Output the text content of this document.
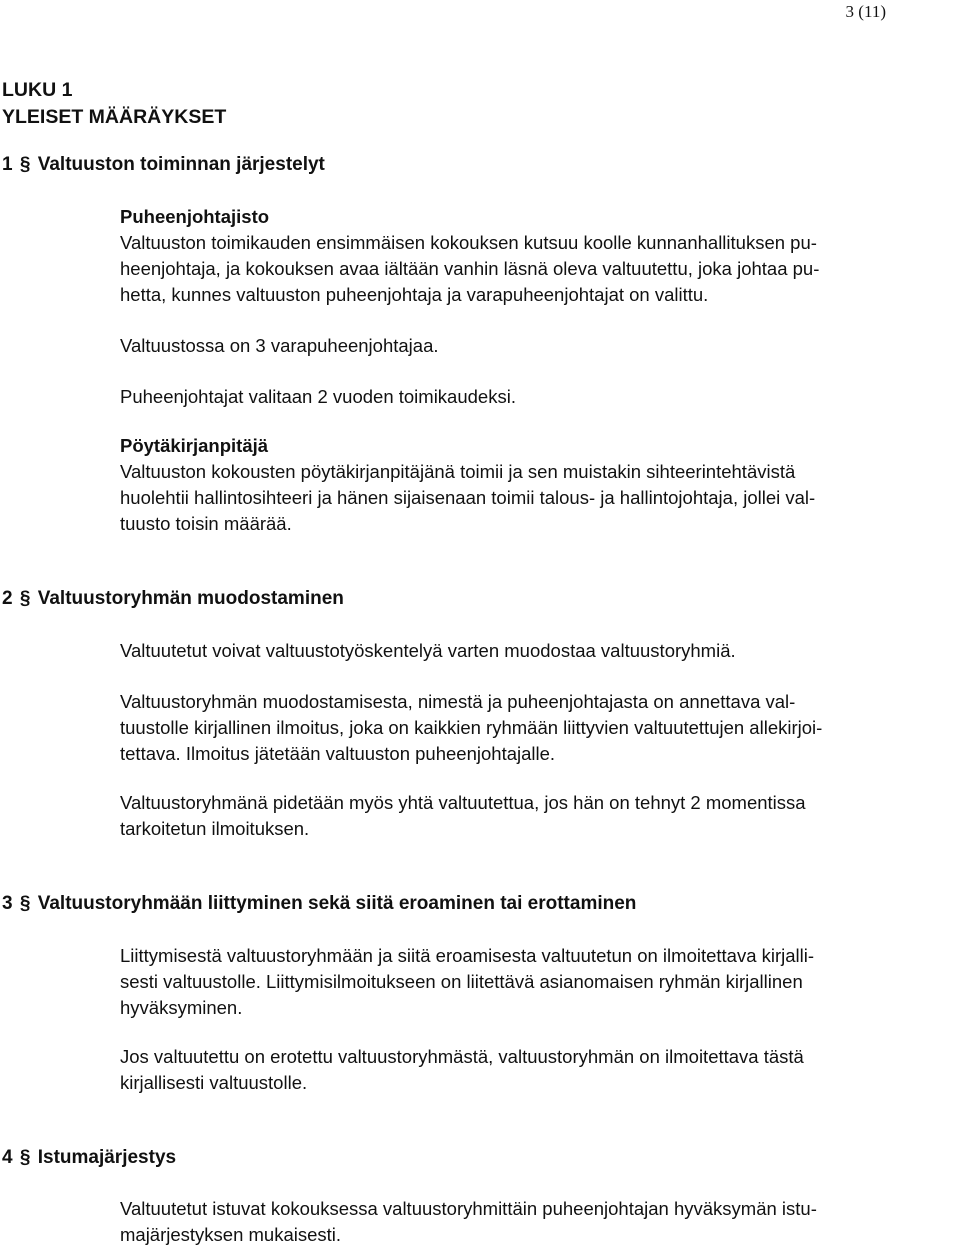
3 (11)
LUKU 1
YLEISET MÄÄRÄYKSET
1 § Valtuuston toiminnan järjestelyt
Puheenjohtajisto

Valtuuston toimikauden ensimmäisen kokouksen kutsuu koolle kunnanhallituksen pu-
heenjohtaja, ja kokouksen avaa iältään vanhin läsnä oleva valtuutettu, joka johtaa pu-
hetta, kunnes valtuuston puheenjohtaja ja varapuheenjohtajat on valittu.

Valtuustossa on 3 varapuheenjohtajaa.

Puheenjohtajat valitaan 2 vuoden toimikaudeksi.

Pöytäkirjanpitäjä

Valtuuston kokousten pöytäkirjanpitäjänä toimii ja sen muistakin sihteerintehtävistä
huolehtii hallintosihteeri ja hänen sijaisenaan toimii talous- ja hallintojohtaja, jollei val-
tuusto toisin määrää.

2 § Valtuustoryhmän muodostaminen

Valtuutetut voivat valtuustotyöskentelyä varten muodostaa valtuustoryhmiä.

Valtuustoryhmän muodostamisesta, nimestä ja puheenjohtajasta on annettava val-
tuustolle kirjallinen ilmoitus, joka on kaikkien ryhmään liittyvien valtuutettujen allekirjoi-
tettava. Ilmoitus jätetään valtuuston puheenjohtajalle.

Valtuustoryhmänä pidetään myös yhtä valtuutettua, jos hän on tehnyt 2 momentissa
tarkoitetun ilmoituksen.

3 § Valtuustoryhmään liittyminen sekä siitä eroaminen tai erottaminen

Liittymisestä valtuustoryhmään ja siitä eroamisesta valtuutetun on ilmoitettava kirjalli-
sesti valtuustolle. Liittymisilmoitukseen on liitettävä asianomaisen ryhmän kirjallinen
hyväksyminen.

Jos valtuutettu on erotettu valtuustoryhmästä, valtuustoryhmän on ilmoitettava tästä
kirjallisesti valtuustolle.

4 § Istumajärjestys

Valtuutetut istuvat kokouksessa valtuustoryhmittäin puheenjohtajan hyväksymän istu-
majärjestyksen mukaisesti.
